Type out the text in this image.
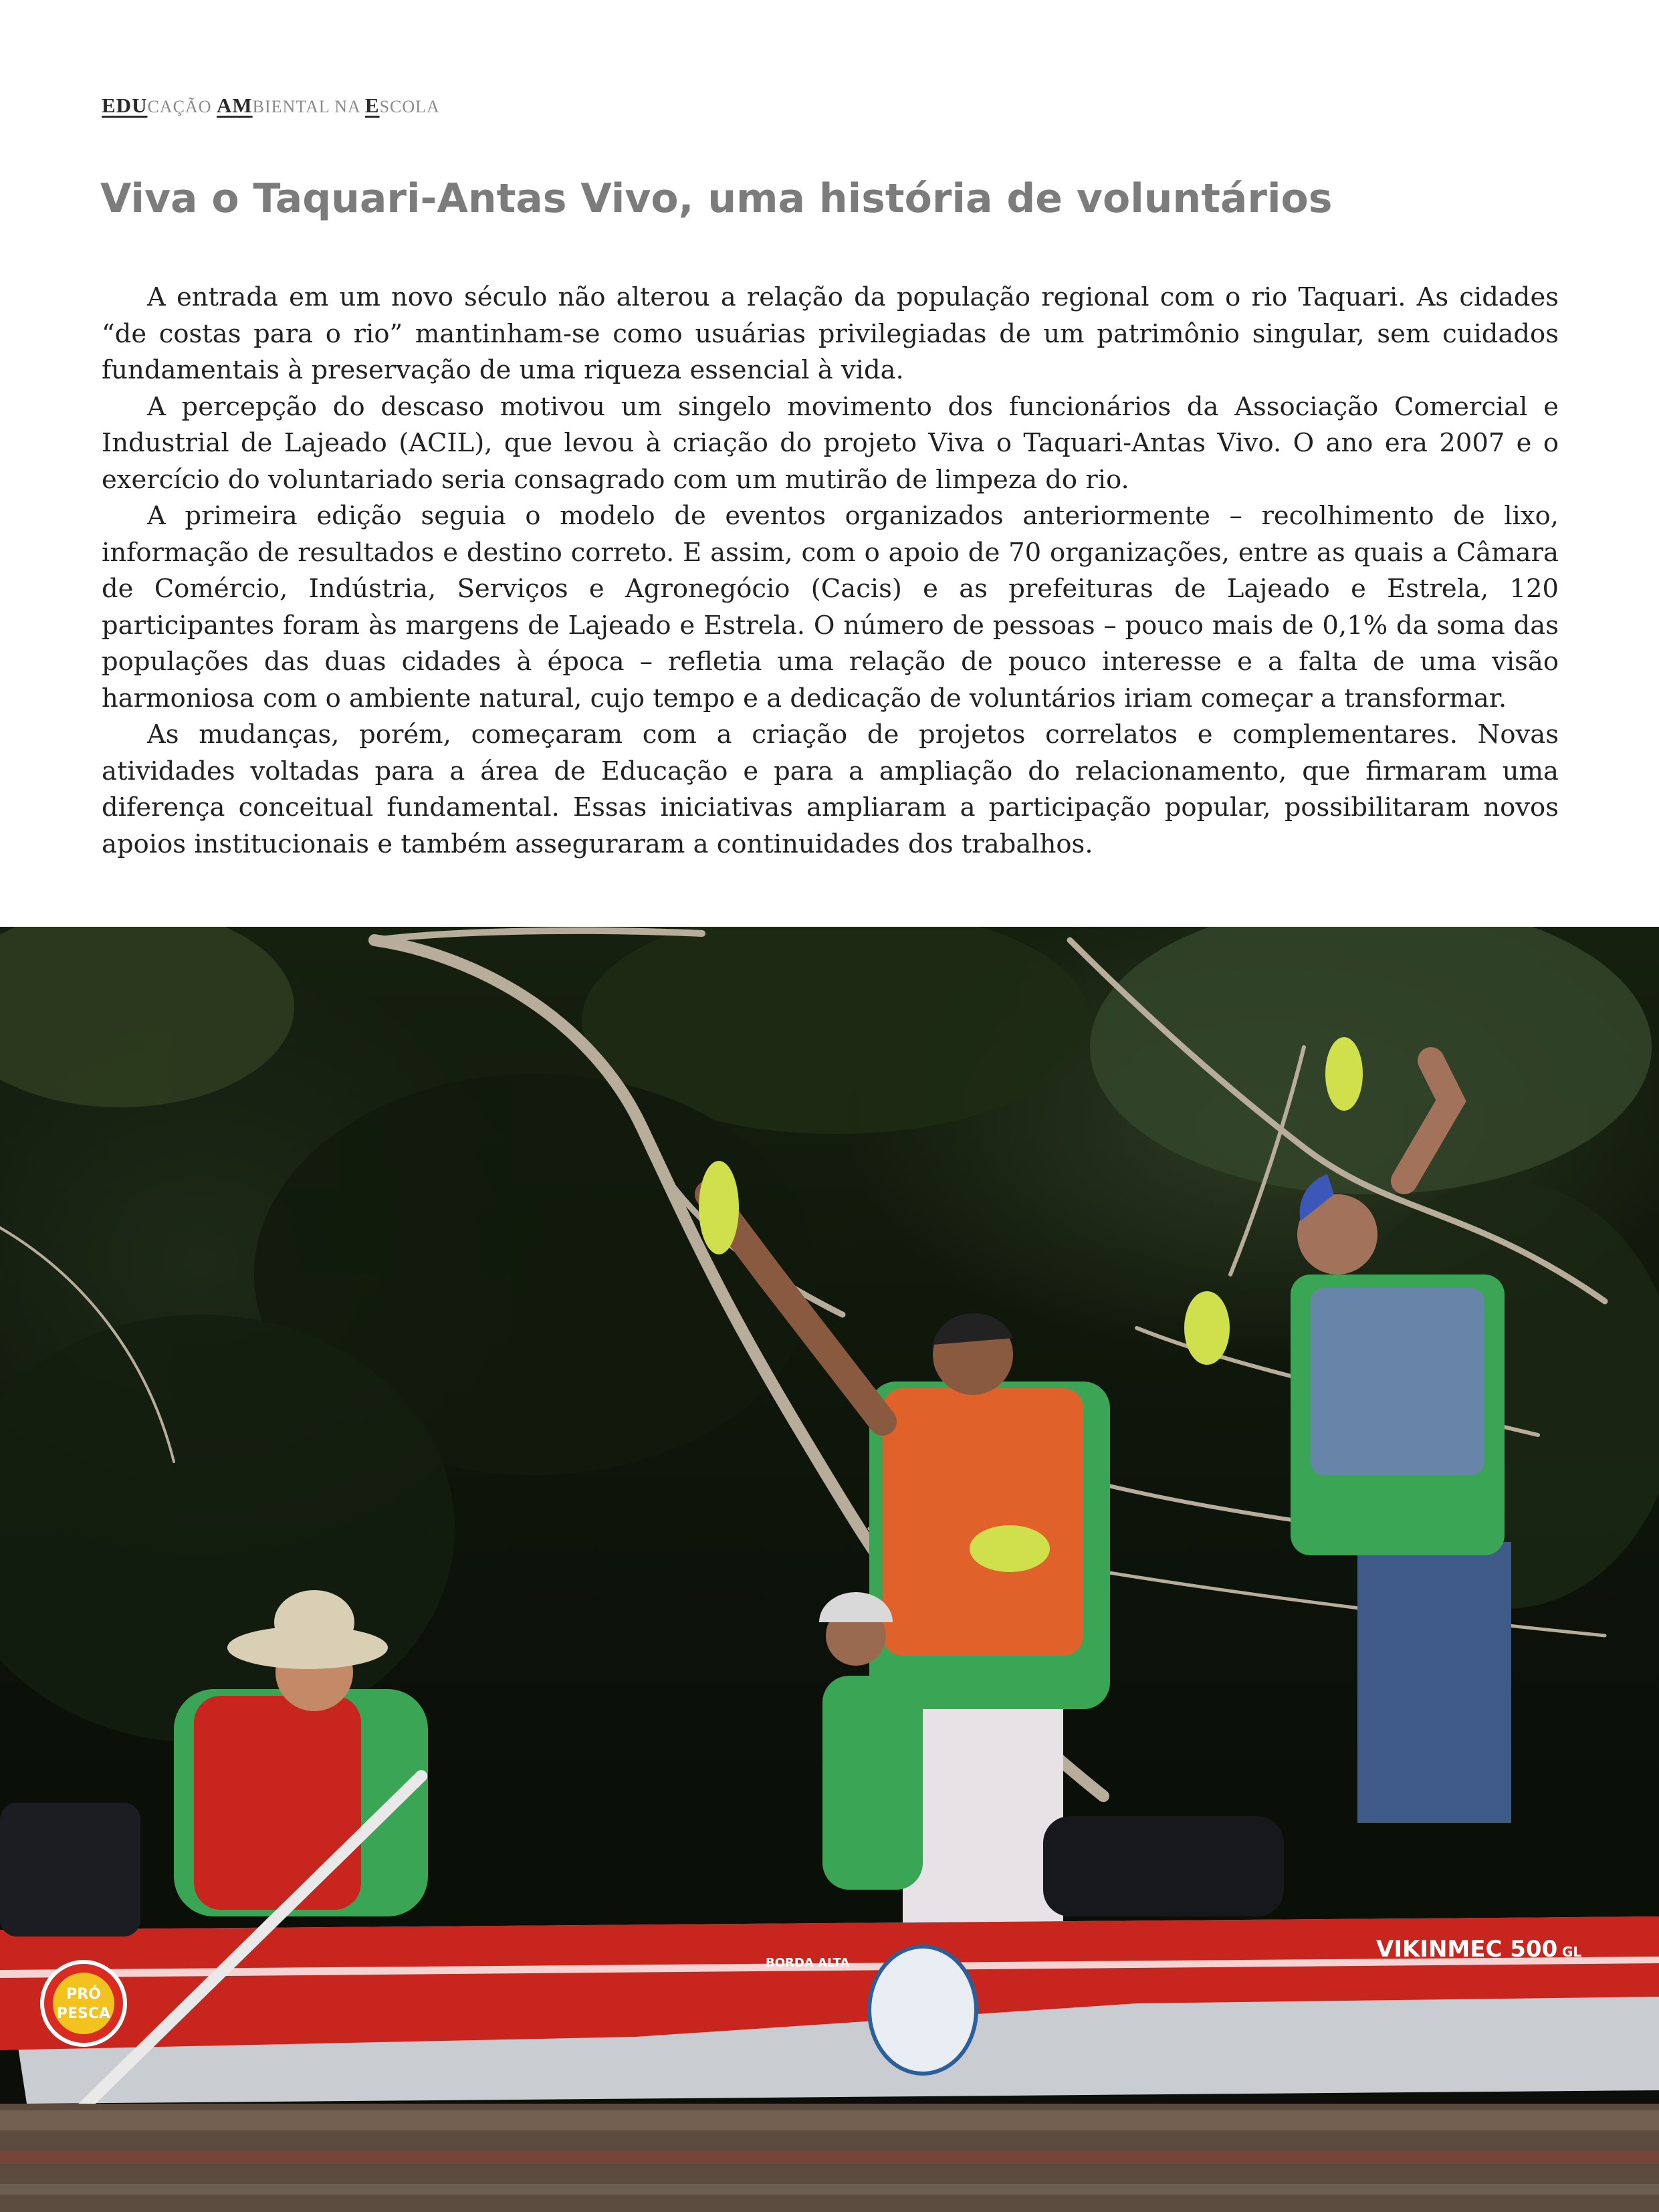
EDUCAÇÃO AMBIENTAL NA ESCOLA
Viva o Taquari-Antas Vivo, uma história de voluntários

A entrada em um novo século não alterou a relação da população regional com o rio Taquari. As cidades “de costas para o rio” mantinham-se como usuárias privilegiadas de um patrimônio singular, sem cuidados fundamentais à preservação de uma riqueza essencial à vida.

A percepção do descaso motivou um singelo movimento dos funcionários da Associação Comercial e Industrial de Lajeado (ACIL), que levou à criação do projeto Viva o Taquari-Antas Vivo. O ano era 2007 e o exercício do voluntariado seria consagrado com um mutirão de limpeza do rio.

A primeira edição seguia o modelo de eventos organizados anteriormente – recolhimento de lixo, informação de resultados e destino correto. E assim, com o apoio de 70 organizações, entre as quais a Câmara de Comércio, Indústria, Serviços e Agronegócio (Cacis) e as prefeituras de Lajeado e Estrela, 120 participantes foram às margens de Lajeado e Estrela. O número de pessoas – pouco mais de 0,1% da soma das populações das duas cidades à época – refletia uma relação de pouco interesse e a falta de uma visão harmoniosa com o ambiente natural, cujo tempo e a dedicação de voluntários iriam começar a transformar.

As mudanças, porém, começaram com a criação de projetos correlatos e complementares. Novas atividades voltadas para a área de Educação e para a ampliação do relacionamento, que firmaram uma diferença conceitual fundamental. Essas iniciativas ampliaram a participação popular, possibilitaram novos apoios institucionais e também asseguraram a continuidades dos trabalhos.

462M2009001393
BORDA ALTA
VIKINMEC 500 GL
PRÓ
PESCA
